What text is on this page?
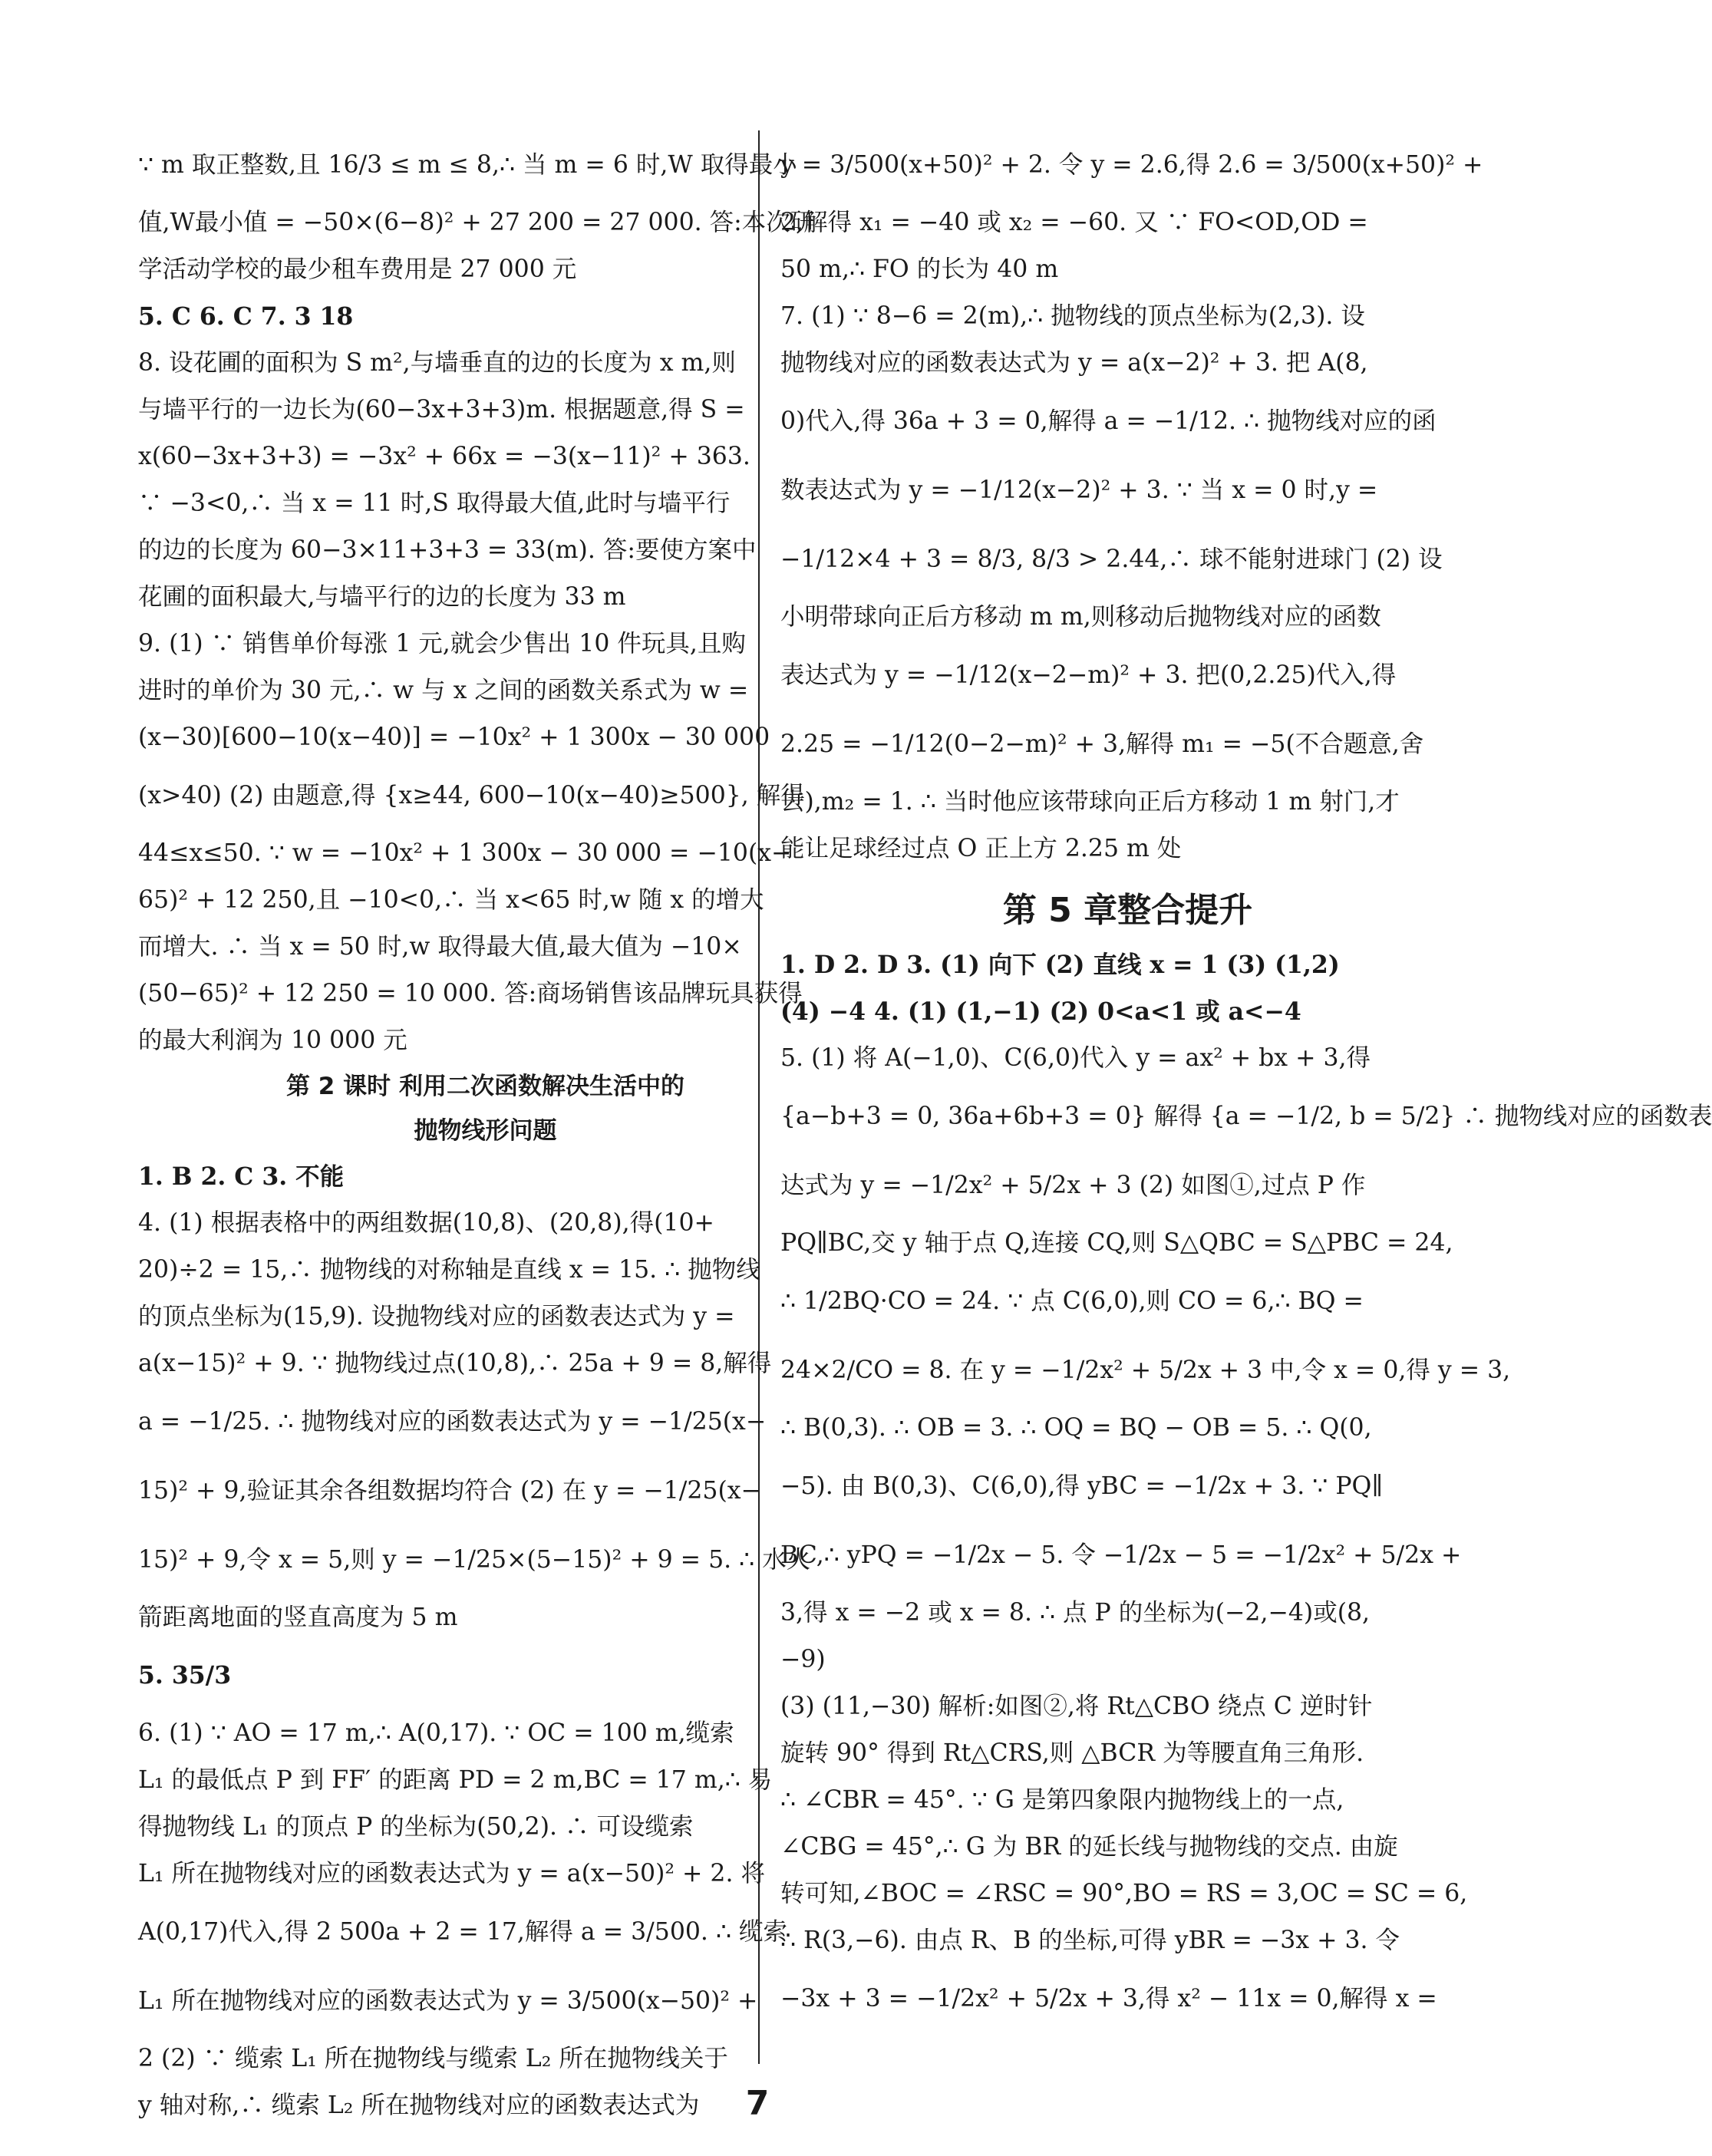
∵ m 取正整数,且 16/3 ≤ m ≤ 8,∴ 当 m = 6 时,W 取得最小
值,W最小值 = −50×(6−8)² + 27 200 = 27 000. 答:本次研
学活动学校的最少租车费用是 27 000 元
5. C 6. C 7. 3 18
8. 设花圃的面积为 S m²,与墙垂直的边的长度为 x m,则
与墙平行的一边长为(60−3x+3+3)m. 根据题意,得 S =
x(60−3x+3+3) = −3x² + 66x = −3(x−11)² + 363.
∵ −3<0,∴ 当 x = 11 时,S 取得最大值,此时与墙平行
的边的长度为 60−3×11+3+3 = 33(m). 答:要使方案中
花圃的面积最大,与墙平行的边的长度为 33 m
9. (1) ∵ 销售单价每涨 1 元,就会少售出 10 件玩具,且购
进时的单价为 30 元,∴ w 与 x 之间的函数关系式为 w =
(x−30)[600−10(x−40)] = −10x² + 1 300x − 30 000
(x>40) (2) 由题意,得 {x≥44, 600−10(x−40)≥500}, 解得
44≤x≤50. ∵ w = −10x² + 1 300x − 30 000 = −10(x−
65)² + 12 250,且 −10<0,∴ 当 x<65 时,w 随 x 的增大
而增大. ∴ 当 x = 50 时,w 取得最大值,最大值为 −10×
(50−65)² + 12 250 = 10 000. 答:商场销售该品牌玩具获得
的最大利润为 10 000 元
第 2 课时 利用二次函数解决生活中的
抛物线形问题
1. B 2. C 3. 不能
4. (1) 根据表格中的两组数据(10,8)、(20,8),得(10+
20)÷2 = 15,∴ 抛物线的对称轴是直线 x = 15. ∴ 抛物线
的顶点坐标为(15,9). 设抛物线对应的函数表达式为 y =
a(x−15)² + 9. ∵ 抛物线过点(10,8),∴ 25a + 9 = 8,解得
a = −1/25. ∴ 抛物线对应的函数表达式为 y = −1/25(x−
15)² + 9,验证其余各组数据均符合 (2) 在 y = −1/25(x−
15)² + 9,令 x = 5,则 y = −1/25×(5−15)² + 9 = 5. ∴ 水火
箭距离地面的竖直高度为 5 m
5. 35/3
6. (1) ∵ AO = 17 m,∴ A(0,17). ∵ OC = 100 m,缆索
L₁ 的最低点 P 到 FF′ 的距离 PD = 2 m,BC = 17 m,∴ 易
得抛物线 L₁ 的顶点 P 的坐标为(50,2). ∴ 可设缆索
L₁ 所在抛物线对应的函数表达式为 y = a(x−50)² + 2. 将
A(0,17)代入,得 2 500a + 2 = 17,解得 a = 3/500. ∴ 缆索
L₁ 所在抛物线对应的函数表达式为 y = 3/500(x−50)² +
2 (2) ∵ 缆索 L₁ 所在抛物线与缆索 L₂ 所在抛物线关于
y 轴对称,∴ 缆索 L₂ 所在抛物线对应的函数表达式为
y = 3/500(x+50)² + 2. 令 y = 2.6,得 2.6 = 3/500(x+50)² +
2,解得 x₁ = −40 或 x₂ = −60. 又 ∵ FO<OD,OD =
50 m,∴ FO 的长为 40 m
7. (1) ∵ 8−6 = 2(m),∴ 抛物线的顶点坐标为(2,3). 设
抛物线对应的函数表达式为 y = a(x−2)² + 3. 把 A(8,
0)代入,得 36a + 3 = 0,解得 a = −1/12. ∴ 抛物线对应的函
数表达式为 y = −1/12(x−2)² + 3. ∵ 当 x = 0 时,y =
−1/12×4 + 3 = 8/3, 8/3 > 2.44,∴ 球不能射进球门 (2) 设
小明带球向正后方移动 m m,则移动后抛物线对应的函数
表达式为 y = −1/12(x−2−m)² + 3. 把(0,2.25)代入,得
2.25 = −1/12(0−2−m)² + 3,解得 m₁ = −5(不合题意,舍
去),m₂ = 1. ∴ 当时他应该带球向正后方移动 1 m 射门,才
能让足球经过点 O 正上方 2.25 m 处
第 5 章整合提升
1. D 2. D 3. (1) 向下 (2) 直线 x = 1 (3) (1,2)
(4) −4 4. (1) (1,−1) (2) 0<a<1 或 a<−4
5. (1) 将 A(−1,0)、C(6,0)代入 y = ax² + bx + 3,得
{a−b+3 = 0, 36a+6b+3 = 0} 解得 {a = −1/2, b = 5/2} ∴ 抛物线对应的函数表
达式为 y = −1/2x² + 5/2x + 3 (2) 如图①,过点 P 作
PQ∥BC,交 y 轴于点 Q,连接 CQ,则 S△QBC = S△PBC = 24,
∴ 1/2BQ·CO = 24. ∵ 点 C(6,0),则 CO = 6,∴ BQ =
24×2/CO = 8. 在 y = −1/2x² + 5/2x + 3 中,令 x = 0,得 y = 3,
∴ B(0,3). ∴ OB = 3. ∴ OQ = BQ − OB = 5. ∴ Q(0,
−5). 由 B(0,3)、C(6,0),得 yBC = −1/2x + 3. ∵ PQ∥
BC,∴ yPQ = −1/2x − 5. 令 −1/2x − 5 = −1/2x² + 5/2x +
3,得 x = −2 或 x = 8. ∴ 点 P 的坐标为(−2,−4)或(8,
−9)
(3) (11,−30) 解析:如图②,将 Rt△CBO 绕点 C 逆时针
旋转 90° 得到 Rt△CRS,则 △BCR 为等腰直角三角形.
∴ ∠CBR = 45°. ∵ G 是第四象限内抛物线上的一点,
∠CBG = 45°,∴ G 为 BR 的延长线与抛物线的交点. 由旋
转可知,∠BOC = ∠RSC = 90°,BO = RS = 3,OC = SC = 6,
∴ R(3,−6). 由点 R、B 的坐标,可得 yBR = −3x + 3. 令
−3x + 3 = −1/2x² + 5/2x + 3,得 x² − 11x = 0,解得 x =
7
